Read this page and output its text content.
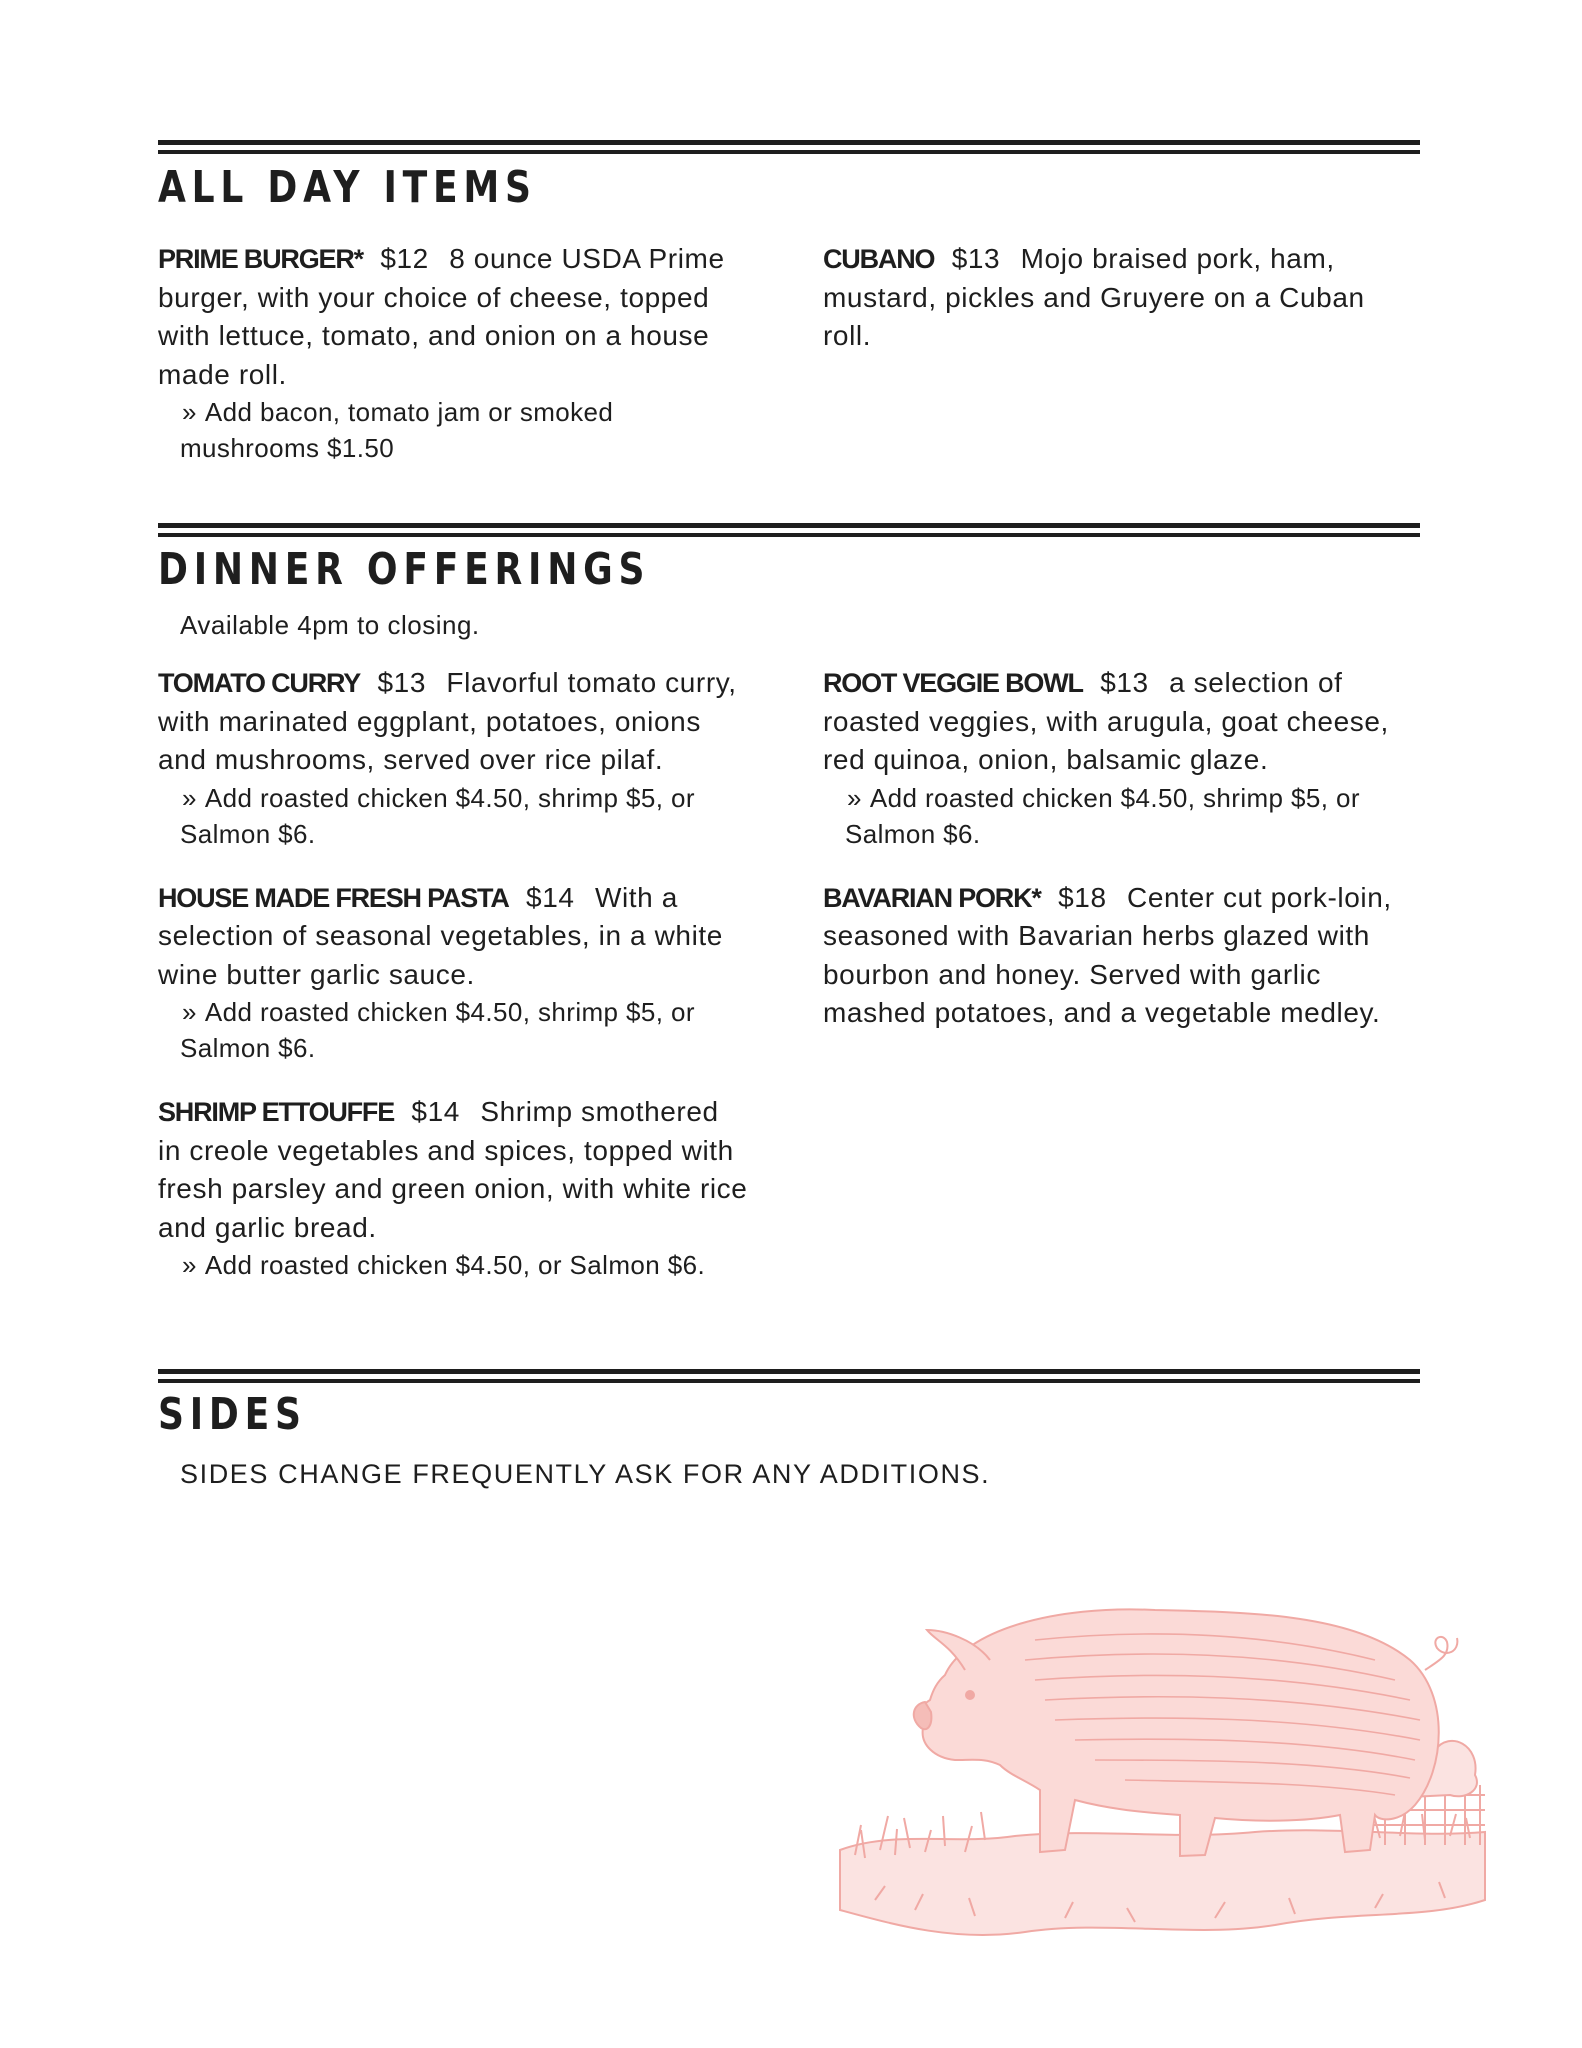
ALL DAY ITEMS
PRIME BURGER* $12 8 ounce USDA Prime burger, with your choice of cheese, topped with lettuce, tomato, and onion on a house made roll.
» Add bacon, tomato jam or smoked mushrooms $1.50
CUBANO $13 Mojo braised pork, ham, mustard, pickles and Gruyere on a Cuban roll.
DINNER OFFERINGS
Available 4pm to closing.
TOMATO CURRY $13 Flavorful tomato curry, with marinated eggplant, potatoes, onions and mushrooms, served over rice pilaf.
» Add roasted chicken $4.50, shrimp $5, or Salmon $6.
HOUSE MADE FRESH PASTA $14 With a selection of seasonal vegetables, in a white wine butter garlic sauce.
» Add roasted chicken $4.50, shrimp $5, or Salmon $6.
SHRIMP ETTOUFFE $14 Shrimp smothered in creole vegetables and spices, topped with fresh parsley and green onion, with white rice and garlic bread.
» Add roasted chicken $4.50, or Salmon $6.
ROOT VEGGIE BOWL $13 a selection of roasted veggies, with arugula, goat cheese, red quinoa, onion, balsamic glaze.
» Add roasted chicken $4.50, shrimp $5, or Salmon $6.
BAVARIAN PORK* $18 Center cut pork-loin, seasoned with Bavarian herbs glazed with bourbon and honey. Served with garlic mashed potatoes, and a vegetable medley.
SIDES
SIDES CHANGE FREQUENTLY ASK FOR ANY ADDITIONS.
